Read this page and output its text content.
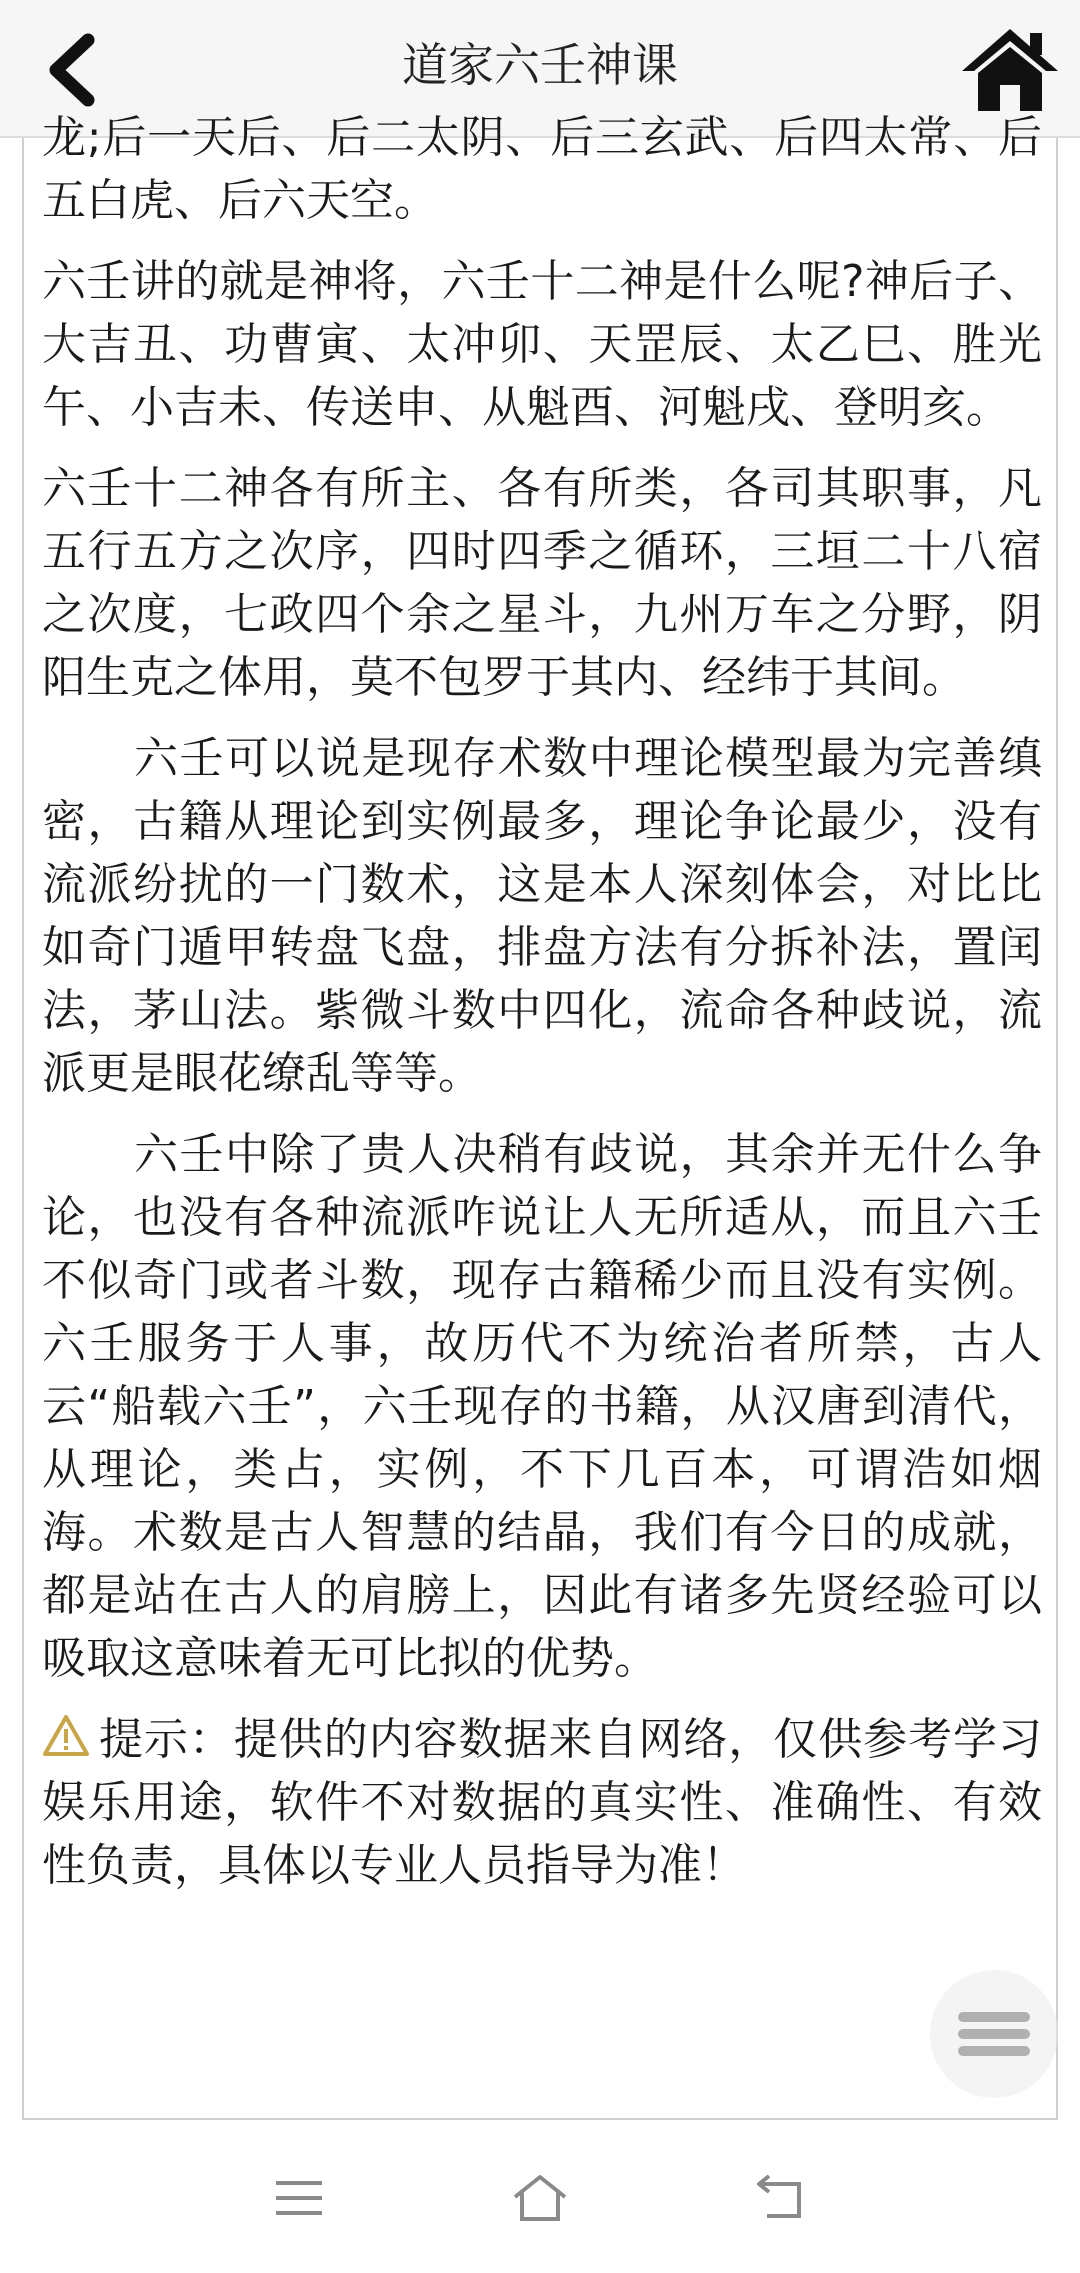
道家六壬神课

龙;后一天后、后二太阴、后三玄武、后四太常、后五白虎、后六天空。

六壬讲的就是神将，六壬十二神是什么呢?神后子、大吉丑、功曹寅、太冲卯、天罡辰、太乙巳、胜光午、小吉未、传送申、从魁酉、河魁戌、登明亥。

六壬十二神各有所主、各有所类，各司其职事，凡五行五方之次序，四时四季之循环，三垣二十八宿之次度，七政四个余之星斗，九州万车之分野，阴阳生克之体用，莫不包罗于其内、经纬于其间。

六壬可以说是现存术数中理论模型最为完善缜密，古籍从理论到实例最多，理论争论最少，没有流派纷扰的一门数术，这是本人深刻体会，对比比如奇门遁甲转盘飞盘，排盘方法有分拆补法，置闰法，茅山法。紫微斗数中四化，流命各种歧说，流派更是眼花缭乱等等。

六壬中除了贵人决稍有歧说，其余并无什么争论，也没有各种流派咋说让人无所适从，而且六壬不似奇门或者斗数，现存古籍稀少而且没有实例。六壬服务于人事，故历代不为统治者所禁，古人云“船载六壬”，六壬现存的书籍，从汉唐到清代，从理论，类占，实例，不下几百本，可谓浩如烟海。术数是古人智慧的结晶，我们有今日的成就，都是站在古人的肩膀上，因此有诸多先贤经验可以吸取这意味着无可比拟的优势。

提示：提供的内容数据来自网络，仅供参考学习娱乐用途，软件不对数据的真实性、准确性、有效性负责，具体以专业人员指导为准！
